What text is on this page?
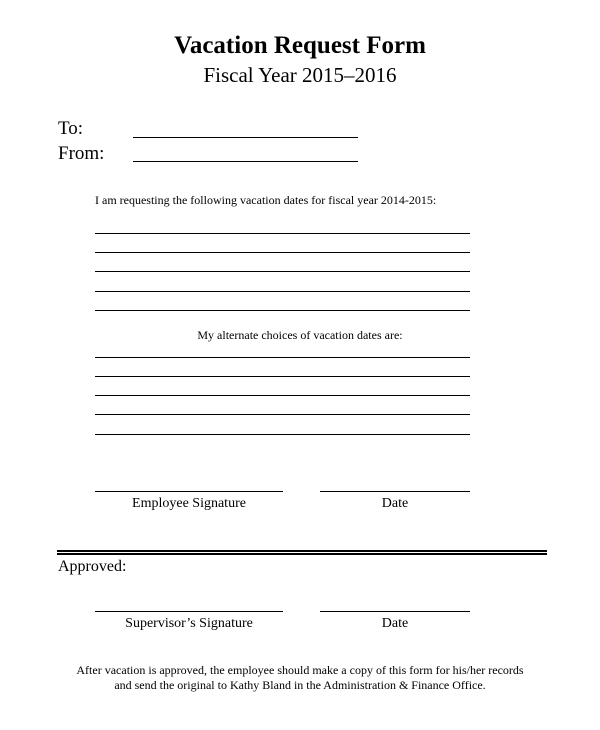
Vacation Request Form
Fiscal Year 2015–2016
To:
From:
I am requesting the following vacation dates for fiscal year 2014-2015:
My alternate choices of vacation dates are:
Employee Signature	Date
Approved:
Supervisor’s Signature	Date
After vacation is approved, the employee should make a copy of this form for his/her records
and send the original to Kathy Bland in the Administration & Finance Office.
